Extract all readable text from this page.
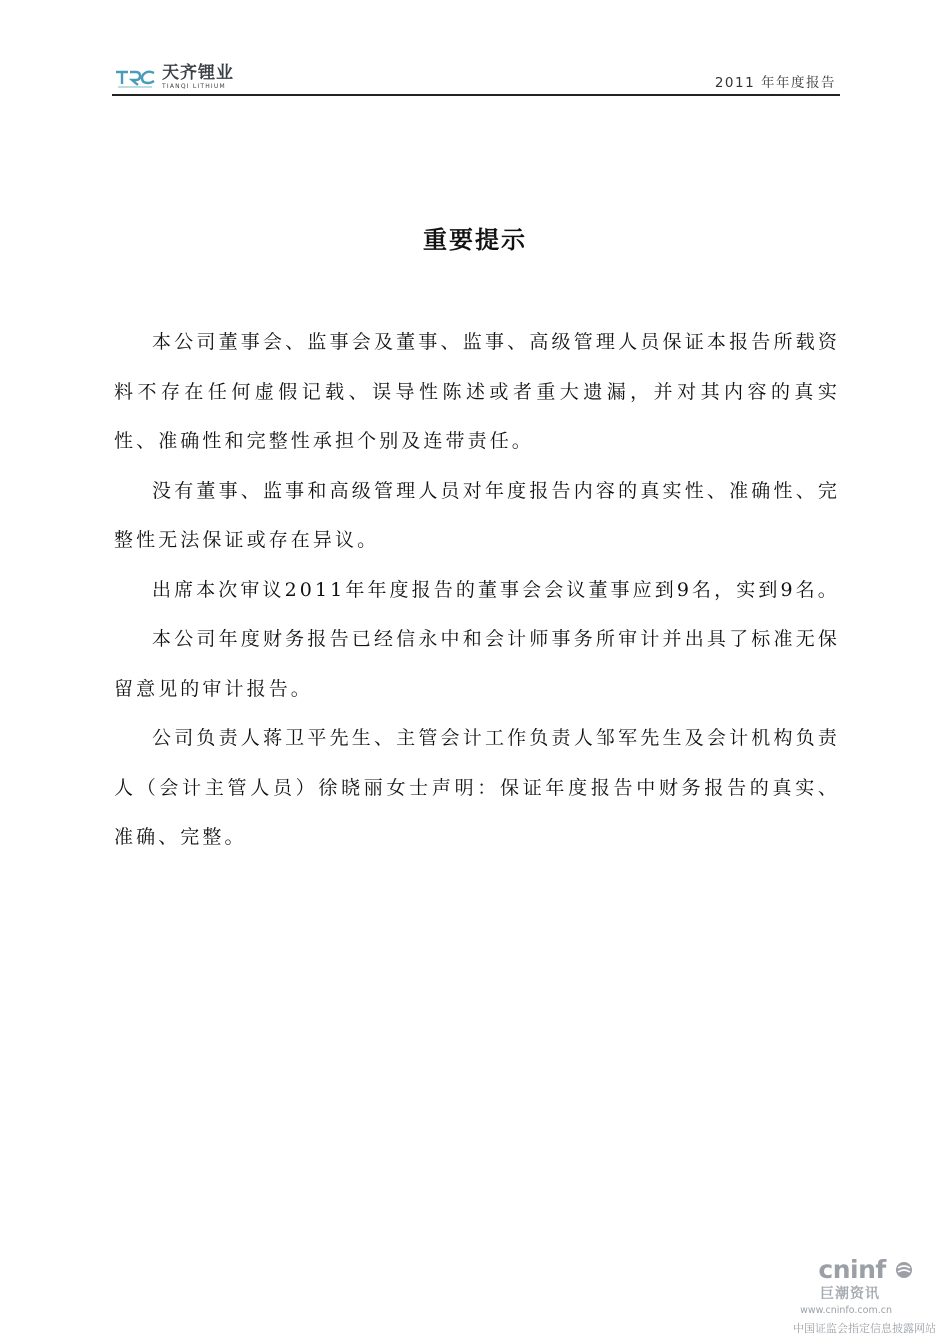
天齐锂业
TIANQI LITHIUM	2011 年年度报告
重要提示

本公司董事会、监事会及董事、监事、高级管理人员保证本报告所载资料不存在任何虚假记载、误导性陈述或者重大遗漏，并对其内容的真实性、准确性和完整性承担个别及连带责任。

没有董事、监事和高级管理人员对年度报告内容的真实性、准确性、完整性无法保证或存在异议。

出席本次审议2011年年度报告的董事会会议董事应到9名，实到9名。

本公司年度财务报告已经信永中和会计师事务所审计并出具了标准无保留意见的审计报告。

公司负责人蒋卫平先生、主管会计工作负责人邹军先生及会计机构负责人（会计主管人员）徐晓丽女士声明：保证年度报告中财务报告的真实、准确、完整。

cninf
巨潮资讯
www.cninfo.com.cn
中国证监会指定信息披露网站
